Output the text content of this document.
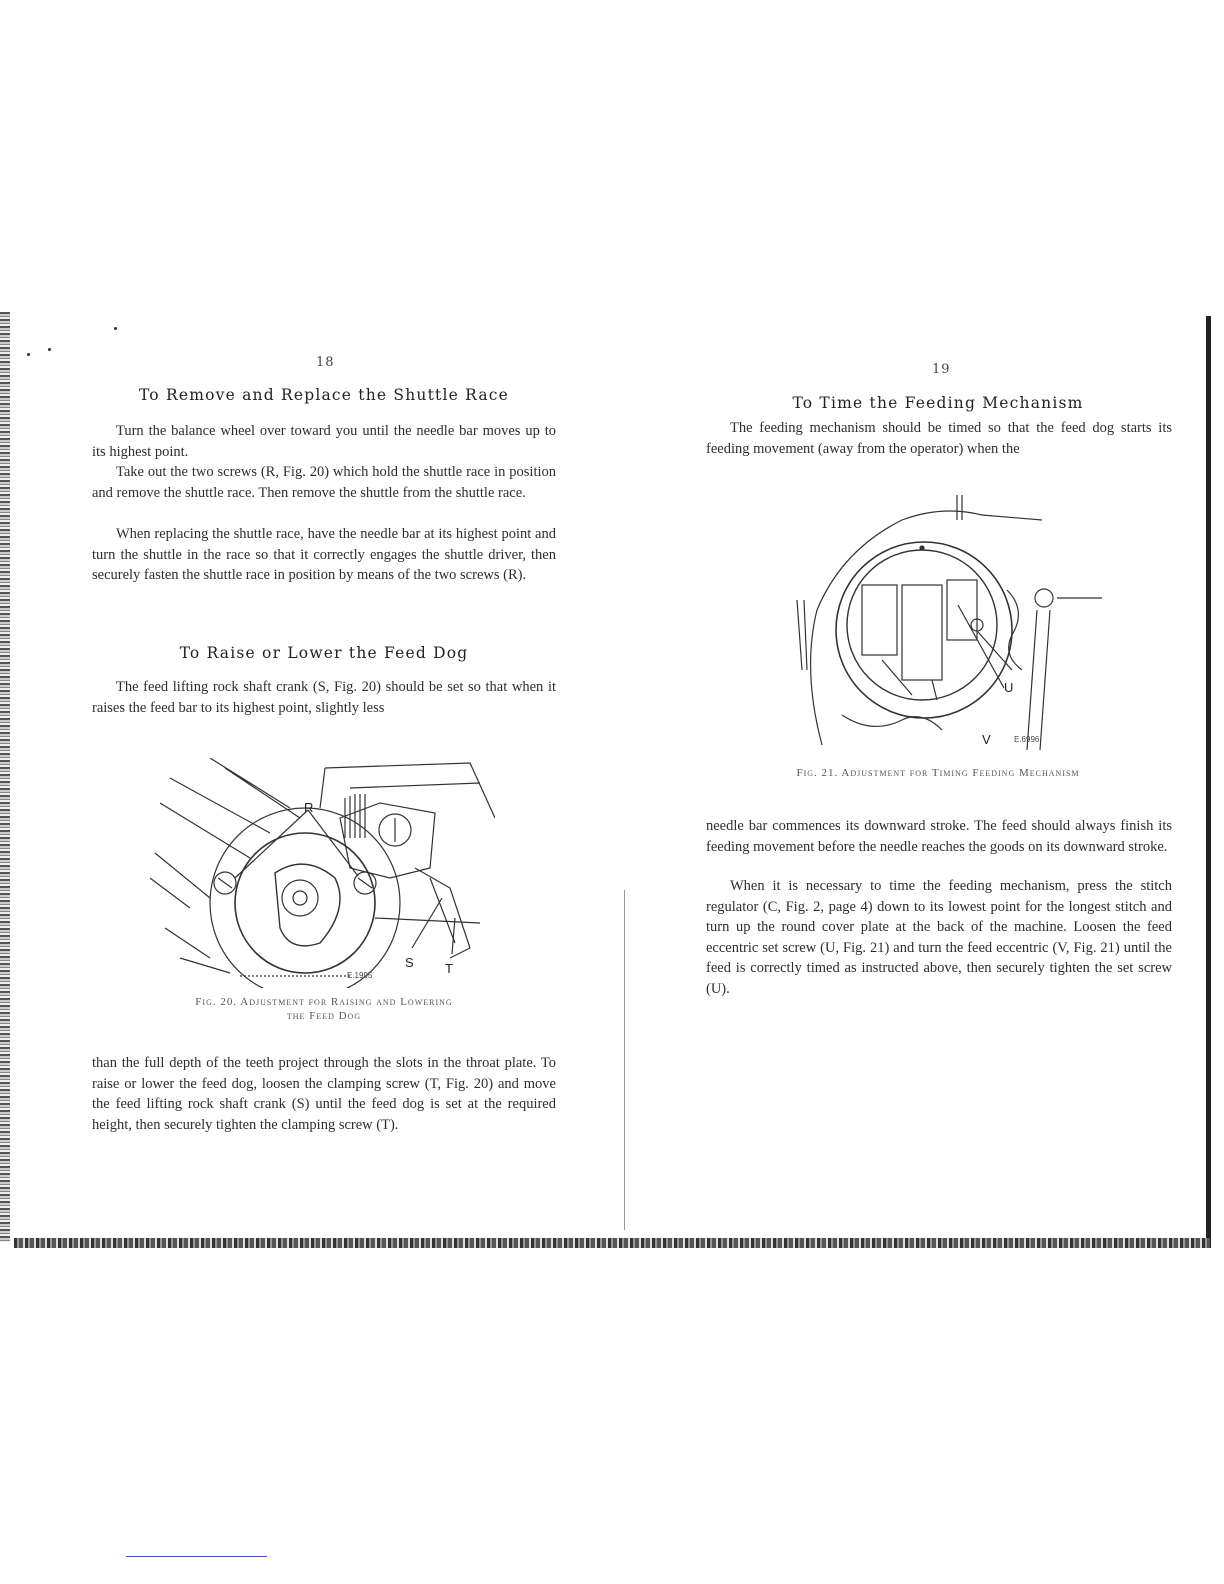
18
To Remove and Replace the Shuttle Race

Turn the balance wheel over toward you until the needle bar moves up to its highest point.

Take out the two screws (R, Fig. 20) which hold the shuttle race in position and remove the shuttle race. Then remove the shuttle from the shuttle race.

When replacing the shuttle race, have the needle bar at its highest point and turn the shuttle in the race so that it correctly engages the shuttle driver, then securely fasten the shuttle race in position by means of the two screws (R).

To Raise or Lower the Feed Dog

The feed lifting rock shaft crank (S, Fig. 20) should be set so that when it raises the feed bar to its highest point, slightly less

R
S T
E.1995
Fig. 20. Adjustment for Raising and Lowering
the Feed Dog

than the full depth of the teeth project through the slots in the throat plate. To raise or lower the feed dog, loosen the clamping screw (T, Fig. 20) and move the feed lifting rock shaft crank (S) until the feed dog is set at the required height, then securely tighten the clamping screw (T).

19
To Time the Feeding Mechanism

The feeding mechanism should be timed so that the feed dog starts its feeding movement (away from the operator) when the

U
V	E.6996
Fig. 21. Adjustment for Timing Feeding Mechanism

needle bar commences its downward stroke. The feed should always finish its feeding movement before the needle reaches the goods on its downward stroke.

When it is necessary to time the feeding mechanism, press the stitch regulator (C, Fig. 2, page 4) down to its lowest point for the longest stitch and turn up the round cover plate at the back of the machine. Loosen the feed eccentric set screw (U, Fig. 21) and turn the feed eccentric (V, Fig. 21) until the feed is correctly timed as instructed above, then securely tighten the set screw (U).
